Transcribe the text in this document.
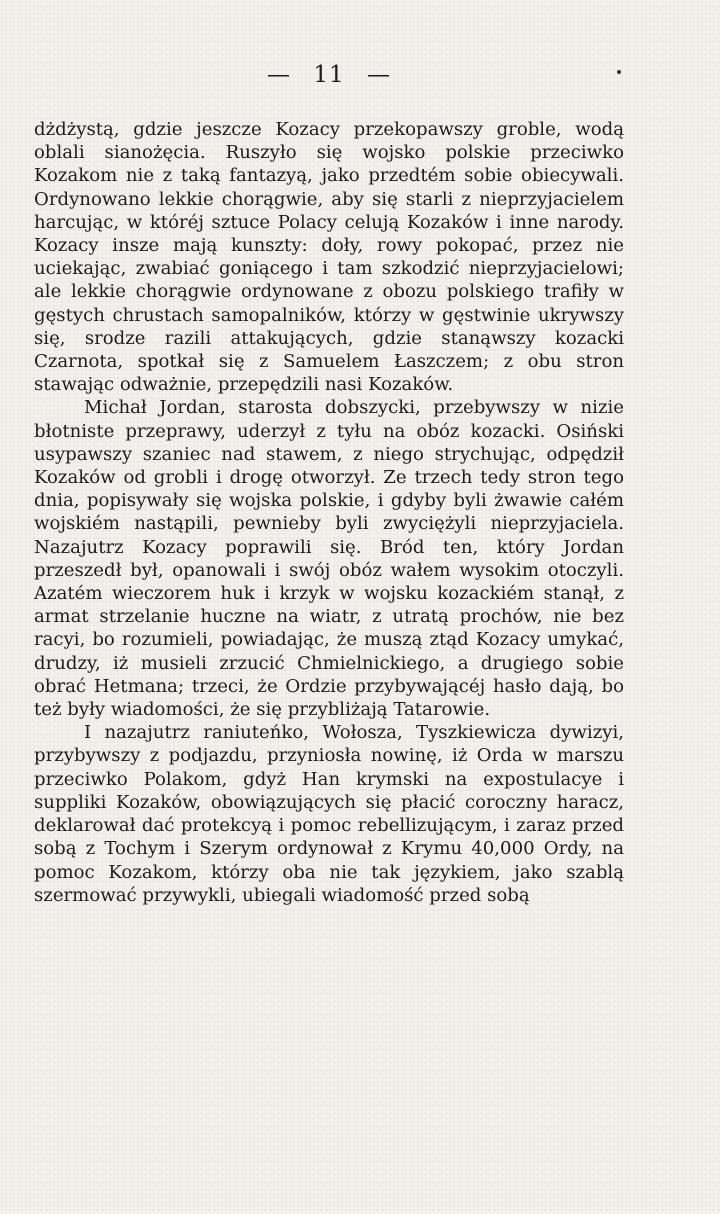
— 11 —

dżdżystą, gdzie jeszcze Kozacy przekopawszy groble, wodą oblali sianożęcia. Ruszyło się wojsko polskie przeciwko Kozakom nie z taką fantazyą, jako przedtém sobie obiecywali. Ordynowano lekkie chorągwie, aby się starli z nieprzyjacielem harcując, w któréj sztuce Polacy celują Kozaków i inne narody. Kozacy insze mają kunszty: doły, rowy pokopać, przez nie uciekając, zwabiać goniącego i tam szkodzić nieprzyjacielowi; ale lekkie chorągwie ordynowane z obozu polskiego trafiły w gęstych chrustach samopalników, którzy w gęstwinie ukrywszy się, srodze razili attakujących, gdzie stanąwszy kozacki Czarnota, spotkał się z Samuelem Łaszczem; z obu stron stawając odważnie, przepędzili nasi Kozaków.

Michał Jordan, starosta dobszycki, przebywszy w nizie błotniste przeprawy, uderzył z tyłu na obóz kozacki. Osiński usypawszy szaniec nad stawem, z niego strychując, odpędził Kozaków od grobli i drogę otworzył. Ze trzech tedy stron tego dnia, popisywały się wojska polskie, i gdyby byli żwawie całém wojskiém nastąpili, pewnieby byli zwyciężyli nieprzyjaciela. Nazajutrz Kozacy poprawili się. Bród ten, który Jordan przeszedł był, opanowali i swój obóz wałem wysokim otoczyli. Azatém wieczorem huk i krzyk w wojsku kozackiém stanął, z armat strzelanie huczne na wiatr, z utratą prochów, nie bez racyi, bo rozumieli, powiadając, że muszą ztąd Kozacy umykać, drudzy, iż musieli zrzucić Chmielnickiego, a drugiego sobie obrać Hetmana; trzeci, że Ordzie przybywającéj hasło dają, bo też były wiadomości, że się przybliżają Tatarowie.

I nazajutrz raniuteńko, Wołosza, Tyszkiewicza dywizyi, przybywszy z podjazdu, przyniosła nowinę, iż Orda w marszu przeciwko Polakom, gdyż Han krymski na expostulacye i suppliki Kozaków, obowiązujących się płacić coroczny haracz, deklarował dać protekcyą i pomoc rebellizującym, i zaraz przed sobą z Tochym i Szerym ordynował z Krymu 40,000 Ordy, na pomoc Kozakom, którzy oba nie tak językiem, jako szablą szermować przywykli, ubiegali wiadomość przed sobą
